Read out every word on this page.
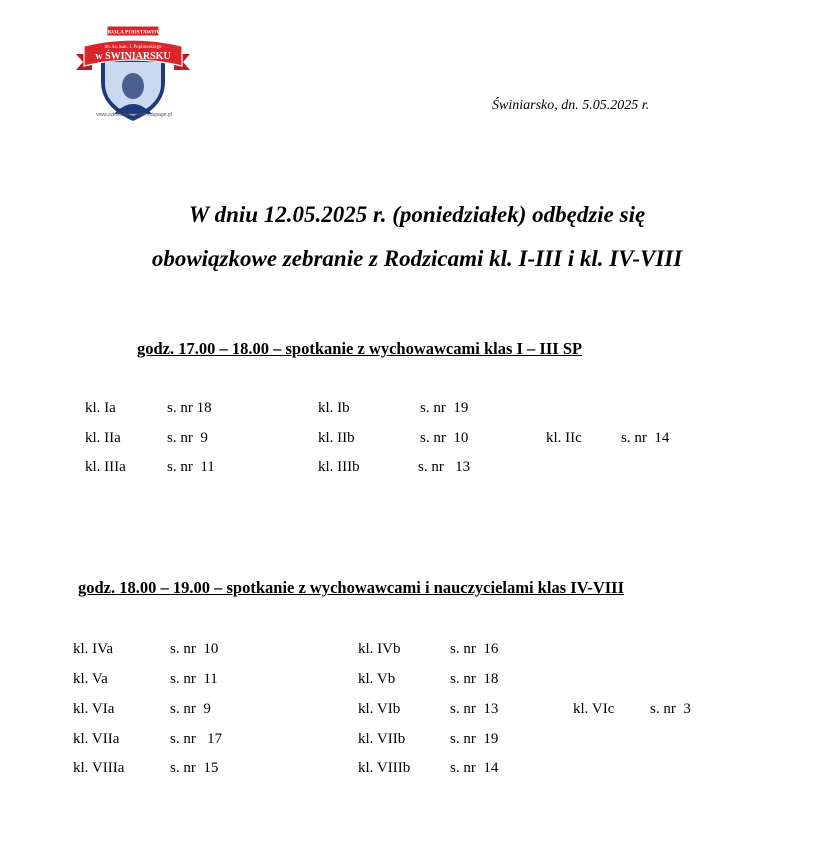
SZKOŁA PODSTAWOWA
im. ks. kan. J. Poplawskiego
w ŚWINIARSKU
www.szkolaswiniarsko.edupage.pl
Świniarsko, dn. 5.05.2025 r.
W dniu 12.05.2025 r. (poniedziałek) odbędzie się
obowiązkowe zebranie z Rodzicami kl. I-III i kl. IV-VIII
godz. 17.00 – 18.00 – spotkanie z wychowawcami klas I – III SP
kl. Ia	s. nr 18	kl. Ib	s. nr  19
kl. IIa	s. nr  9	kl. IIb	s. nr  10	kl. IIc	s. nr  14
kl. IIIa	s. nr  11	kl. IIIb	s. nr   13
godz. 18.00 – 19.00 – spotkanie z wychowawcami i nauczycielami klas IV-VIII
kl. IVa	s. nr  10	kl. IVb	s. nr  16
kl. Va	s. nr  11	kl. Vb	s. nr  18
kl. VIa	s. nr  9	kl. VIb	s. nr  13	kl. VIc s. nr  3
kl. VIIa	s. nr   17	kl. VIIb	s. nr  19
kl. VIIIa	s. nr  15	kl. VIIIb	s. nr  14
